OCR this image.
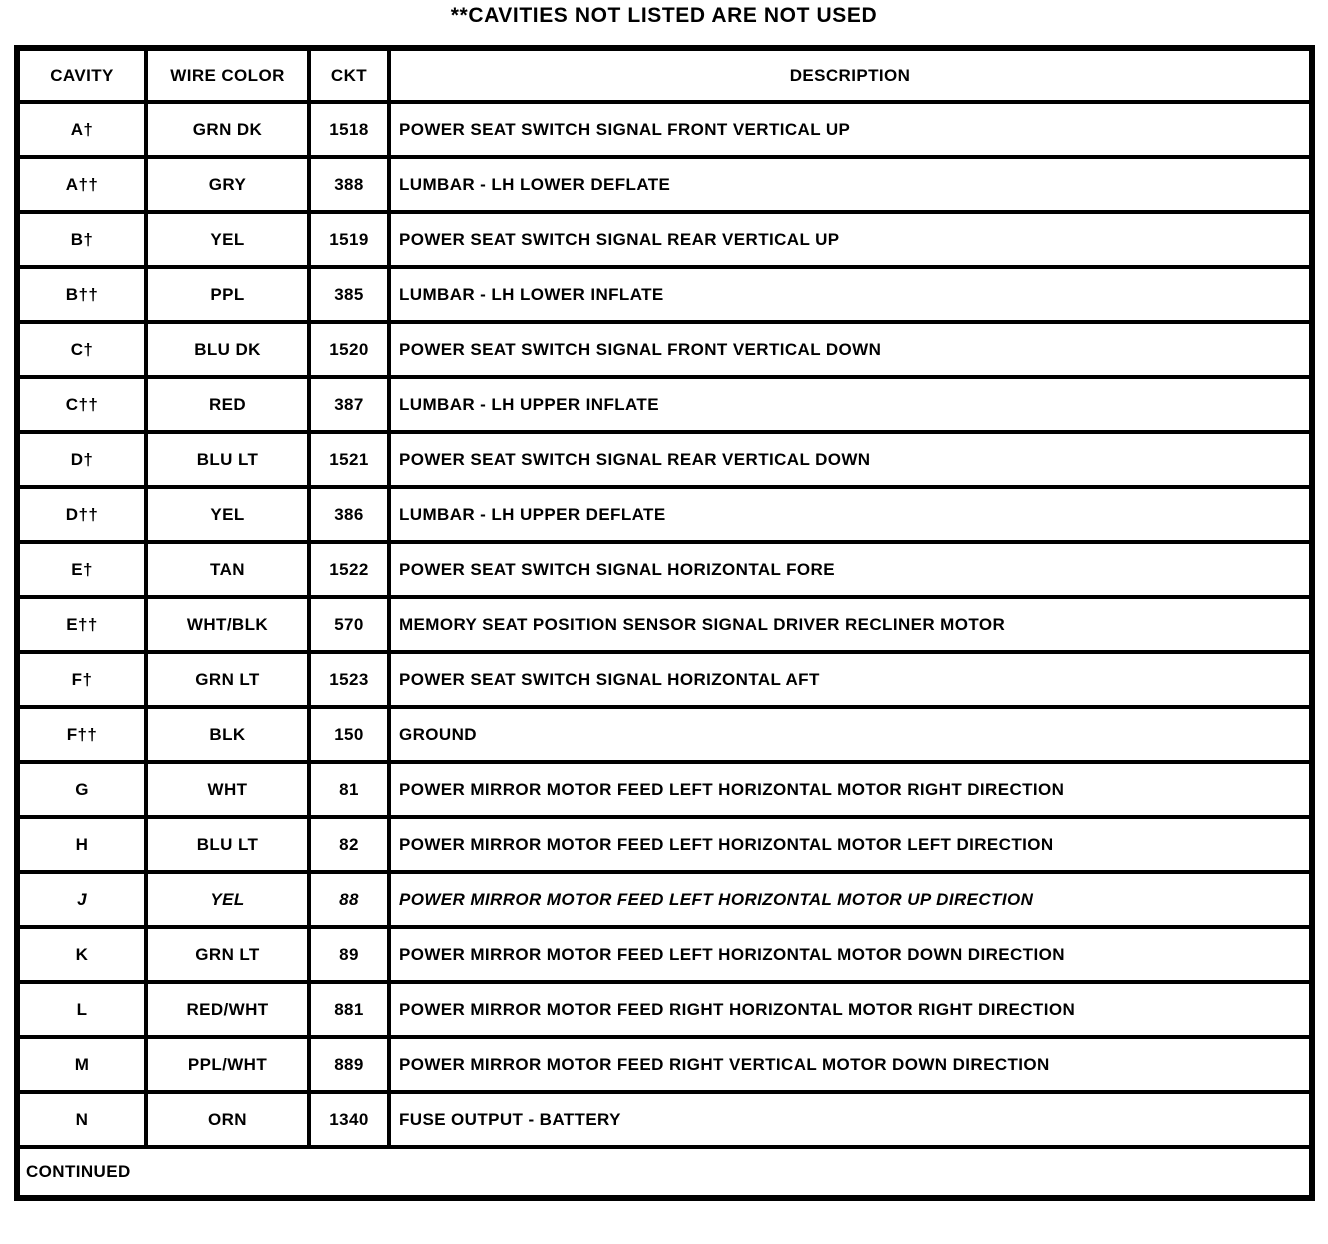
**CAVITIES NOT LISTED ARE NOT USED
CAVITY	WIRE COLOR	CKT	DESCRIPTION
A†	GRN DK	1518	POWER SEAT SWITCH SIGNAL FRONT VERTICAL UP
A††	GRY	388	LUMBAR - LH LOWER DEFLATE
B†	YEL	1519	POWER SEAT SWITCH SIGNAL REAR VERTICAL UP
B††	PPL	385	LUMBAR - LH LOWER INFLATE
C†	BLU DK	1520	POWER SEAT SWITCH SIGNAL FRONT VERTICAL DOWN
C††	RED	387	LUMBAR - LH UPPER INFLATE
D†	BLU LT	1521	POWER SEAT SWITCH SIGNAL REAR VERTICAL DOWN
D††	YEL	386	LUMBAR - LH UPPER DEFLATE
E†	TAN	1522	POWER SEAT SWITCH SIGNAL HORIZONTAL FORE
E††	WHT/BLK	570	MEMORY SEAT POSITION SENSOR SIGNAL DRIVER RECLINER MOTOR
F†	GRN LT	1523	POWER SEAT SWITCH SIGNAL HORIZONTAL AFT
F††	BLK	150	GROUND
G	WHT	81	POWER MIRROR MOTOR FEED LEFT HORIZONTAL MOTOR RIGHT DIRECTION
H	BLU LT	82	POWER MIRROR MOTOR FEED LEFT HORIZONTAL MOTOR LEFT DIRECTION
J	YEL	88	POWER MIRROR MOTOR FEED LEFT HORIZONTAL MOTOR UP DIRECTION
K	GRN LT	89	POWER MIRROR MOTOR FEED LEFT HORIZONTAL MOTOR DOWN DIRECTION
L	RED/WHT	881	POWER MIRROR MOTOR FEED RIGHT HORIZONTAL MOTOR RIGHT DIRECTION
M	PPL/WHT	889	POWER MIRROR MOTOR FEED RIGHT VERTICAL MOTOR DOWN DIRECTION
N	ORN	1340	FUSE OUTPUT - BATTERY
CONTINUED			
